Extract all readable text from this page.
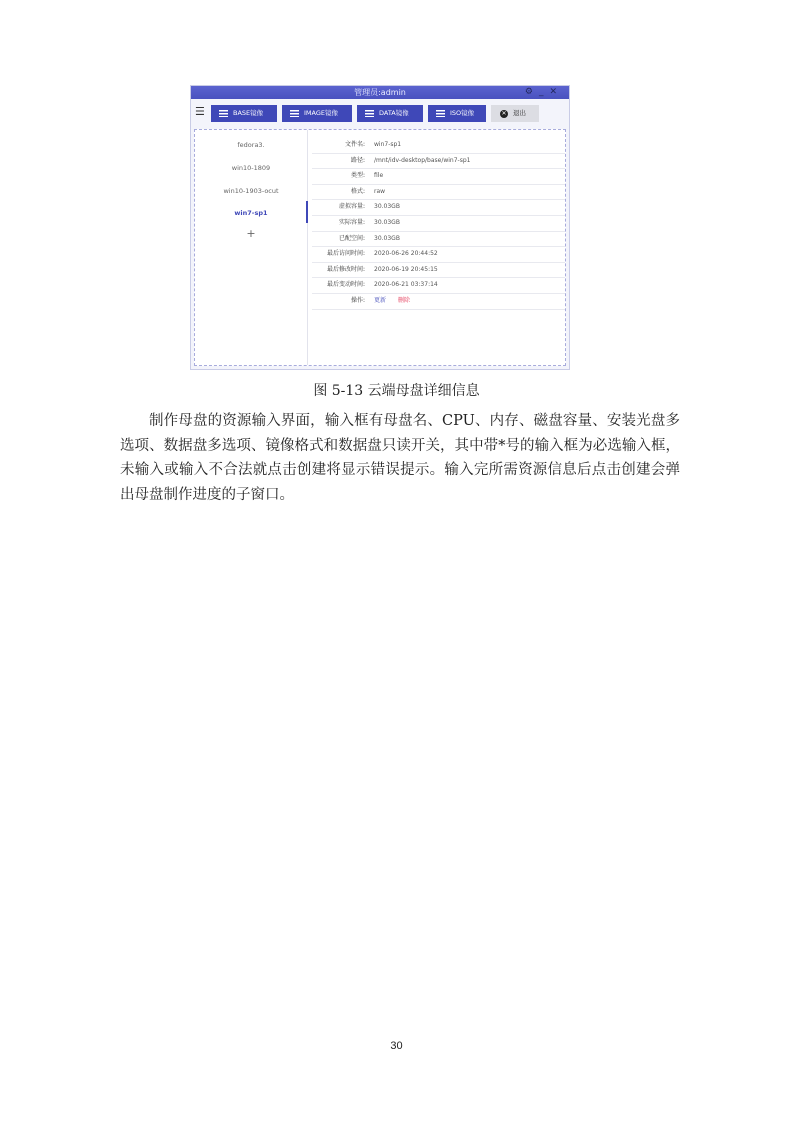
管理员:admin	⚙_✕
☰	BASE镜像	IMAGE镜像	DATA镜像	ISO镜像	✕ 退出
fedora3.
win10-1809
win10-1903-ocut
win7-sp1
+
文件名: win7-sp1
路径: /mnt/idv-desktop/base/win7-sp1
类型: file
格式: raw
虚拟容量: 30.03GB
实际容量: 30.03GB
已配空间: 30.03GB
最后访问时间: 2020-06-26 20:44:52
最后修改时间: 2020-06-19 20:45:15
最后变动时间: 2020-06-21 03:37:14
操作: 更新 删除
图 5-13 云端母盘详细信息

制作母盘的资源输入界面，输入框有母盘名、CPU、内存、磁盘容量、安装光盘多选项、数据盘多选项、镜像格式和数据盘只读开关，其中带*号的输入框为必选输入框，未输入或输入不合法就点击创建将显示错误提示。输入完所需资源信息后点击创建会弹出母盘制作进度的子窗口。

30
